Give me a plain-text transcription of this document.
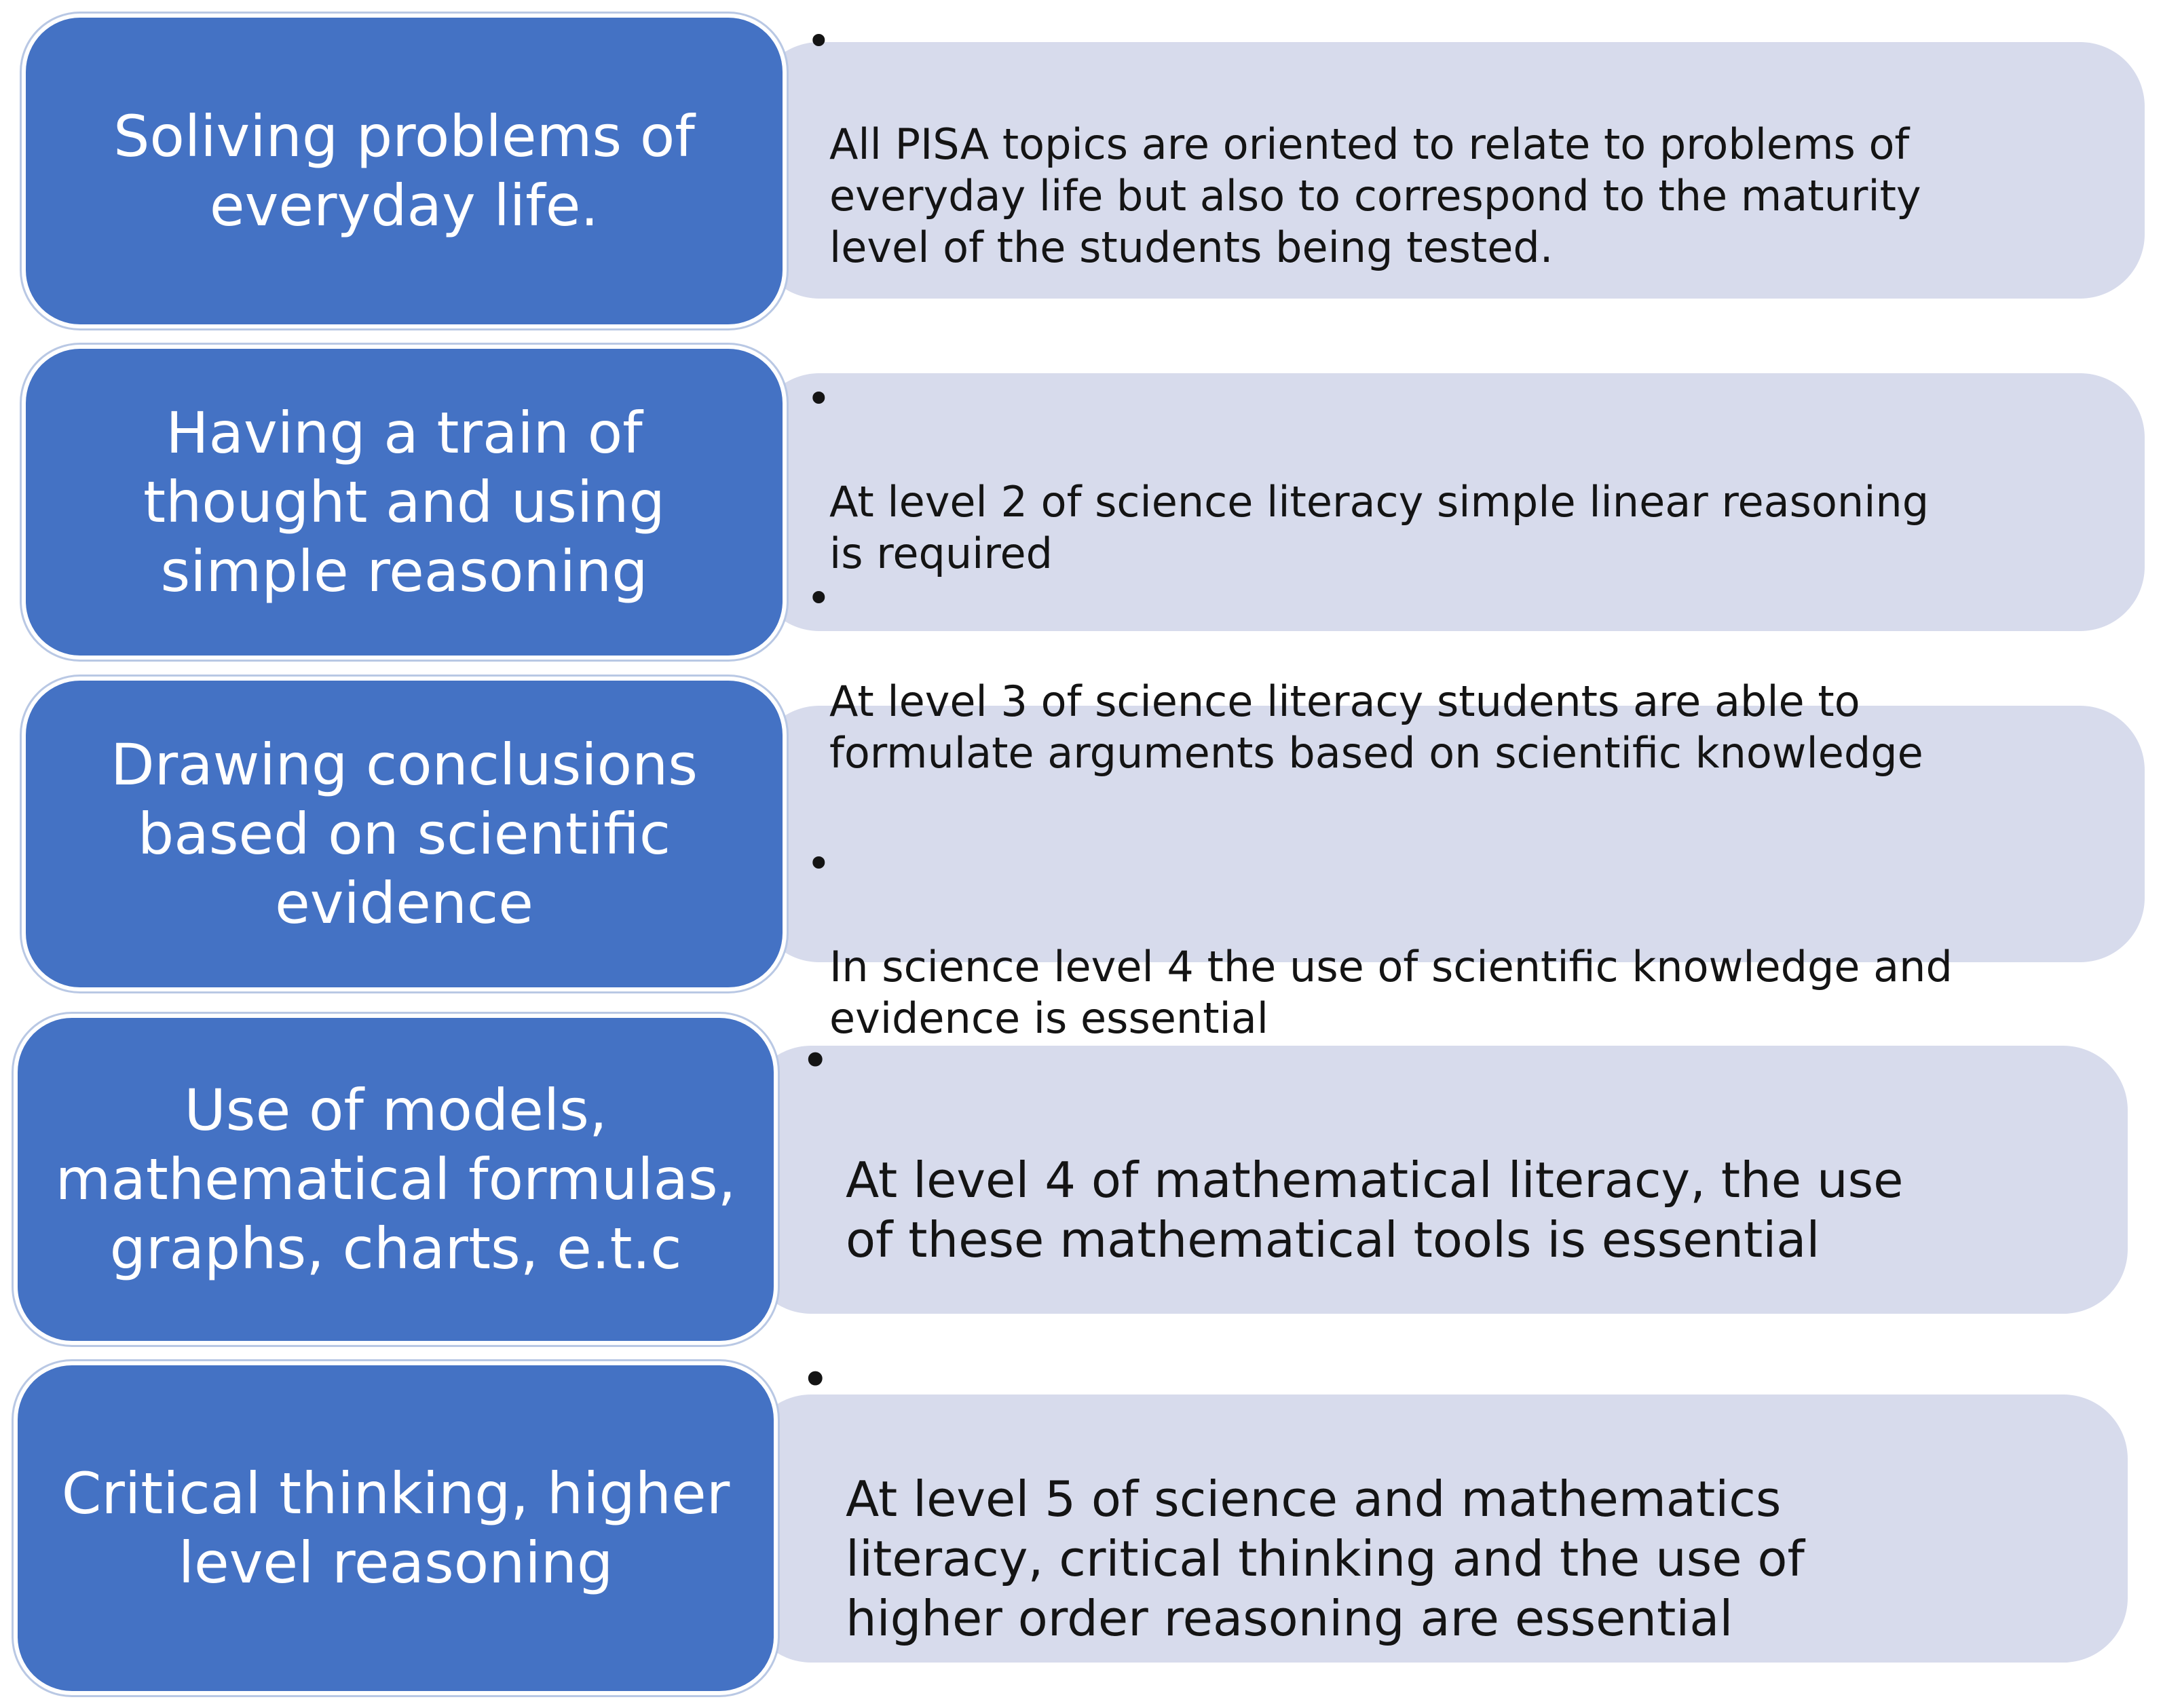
•

All PISA topics are oriented to relate to problems of
everyday life but also to correspond to the maturity
level of the students being tested.

Soliving problems of everyday life.

•

At level 2 of science literacy simple linear reasoning
is required

Having a train of thought and using simple reasoning	•

At level 3 of science literacy students are able to
formulate arguments based on scientific knowledge

•

In science level 4 the use of scientific knowledge and
evidence is essential

Drawing conclusions based on scientific evidence

•

At level 4 of mathematical literacy, the use
of these mathematical tools is essential

Use of models, mathematical formulas, graphs, charts, e.t.c

•

At level 5 of science and mathematics
literacy, critical thinking and the use of
higher order reasoning are essential

Critical thinking, higher level reasoning
